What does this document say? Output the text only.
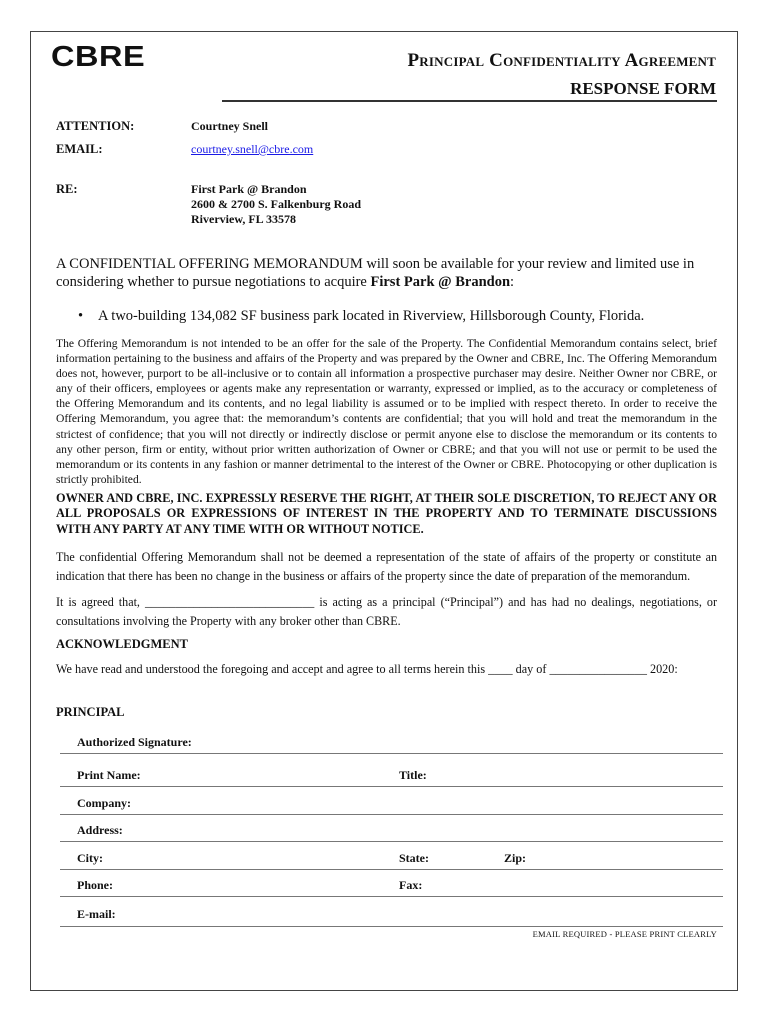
CBRE	Principal Confidentiality Agreement
RESPONSE FORM
ATTENTION:	Courtney Snell
EMAIL:	courtney.snell@cbre.com
RE:	First Park @ Brandon
2600 & 2700 S. Falkenburg Road
Riverview, FL 33578
A CONFIDENTIAL OFFERING MEMORANDUM will soon be available for your review and limited use in considering whether to pursue negotiations to acquire First Park @ Brandon:
• A two-building 134,082 SF business park located in Riverview, Hillsborough County, Florida.
The Offering Memorandum is not intended to be an offer for the sale of the Property. The Confidential Memorandum contains select, brief information pertaining to the business and affairs of the Property and was prepared by the Owner and CBRE, Inc. The Offering Memorandum does not, however, purport to be all-inclusive or to contain all information a prospective purchaser may desire. Neither Owner nor CBRE, or any of their officers, employees or agents make any representation or warranty, expressed or implied, as to the accuracy or completeness of the Offering Memorandum and its contents, and no legal liability is assumed or to be implied with respect thereto. In order to receive the Offering Memorandum, you agree that: the memorandum’s contents are confidential; that you will hold and treat the memorandum in the strictest of confidence; that you will not directly or indirectly disclose or permit anyone else to disclose the memorandum or its contents to any other person, firm or entity, without prior written authorization of Owner or CBRE; and that you will not use or permit to be used the memorandum or its contents in any fashion or manner detrimental to the interest of the Owner or CBRE. Photocopying or other duplication is strictly prohibited.
OWNER AND CBRE, INC. EXPRESSLY RESERVE THE RIGHT, AT THEIR SOLE DISCRETION, TO REJECT ANY OR ALL PROPOSALS OR EXPRESSIONS OF INTEREST IN THE PROPERTY AND TO TERMINATE DISCUSSIONS WITH ANY PARTY AT ANY TIME WITH OR WITHOUT NOTICE.
The confidential Offering Memorandum shall not be deemed a representation of the state of affairs of the property or constitute an indication that there has been no change in the business or affairs of the property since the date of preparation of the memorandum.
It is agreed that, ____________________________ is acting as a principal (“Principal”) and has had no dealings, negotiations, or consultations involving the Property with any broker other than CBRE.
ACKNOWLEDGMENT
We have read and understood the foregoing and accept and agree to all terms herein this ____ day of ________________ 2020:
PRINCIPAL
Authorized Signature:
Print Name:	Title:
Company:
Address:
City:	State:	Zip:
Phone:	Fax:
E-mail:
EMAIL REQUIRED - PLEASE PRINT CLEARLY
